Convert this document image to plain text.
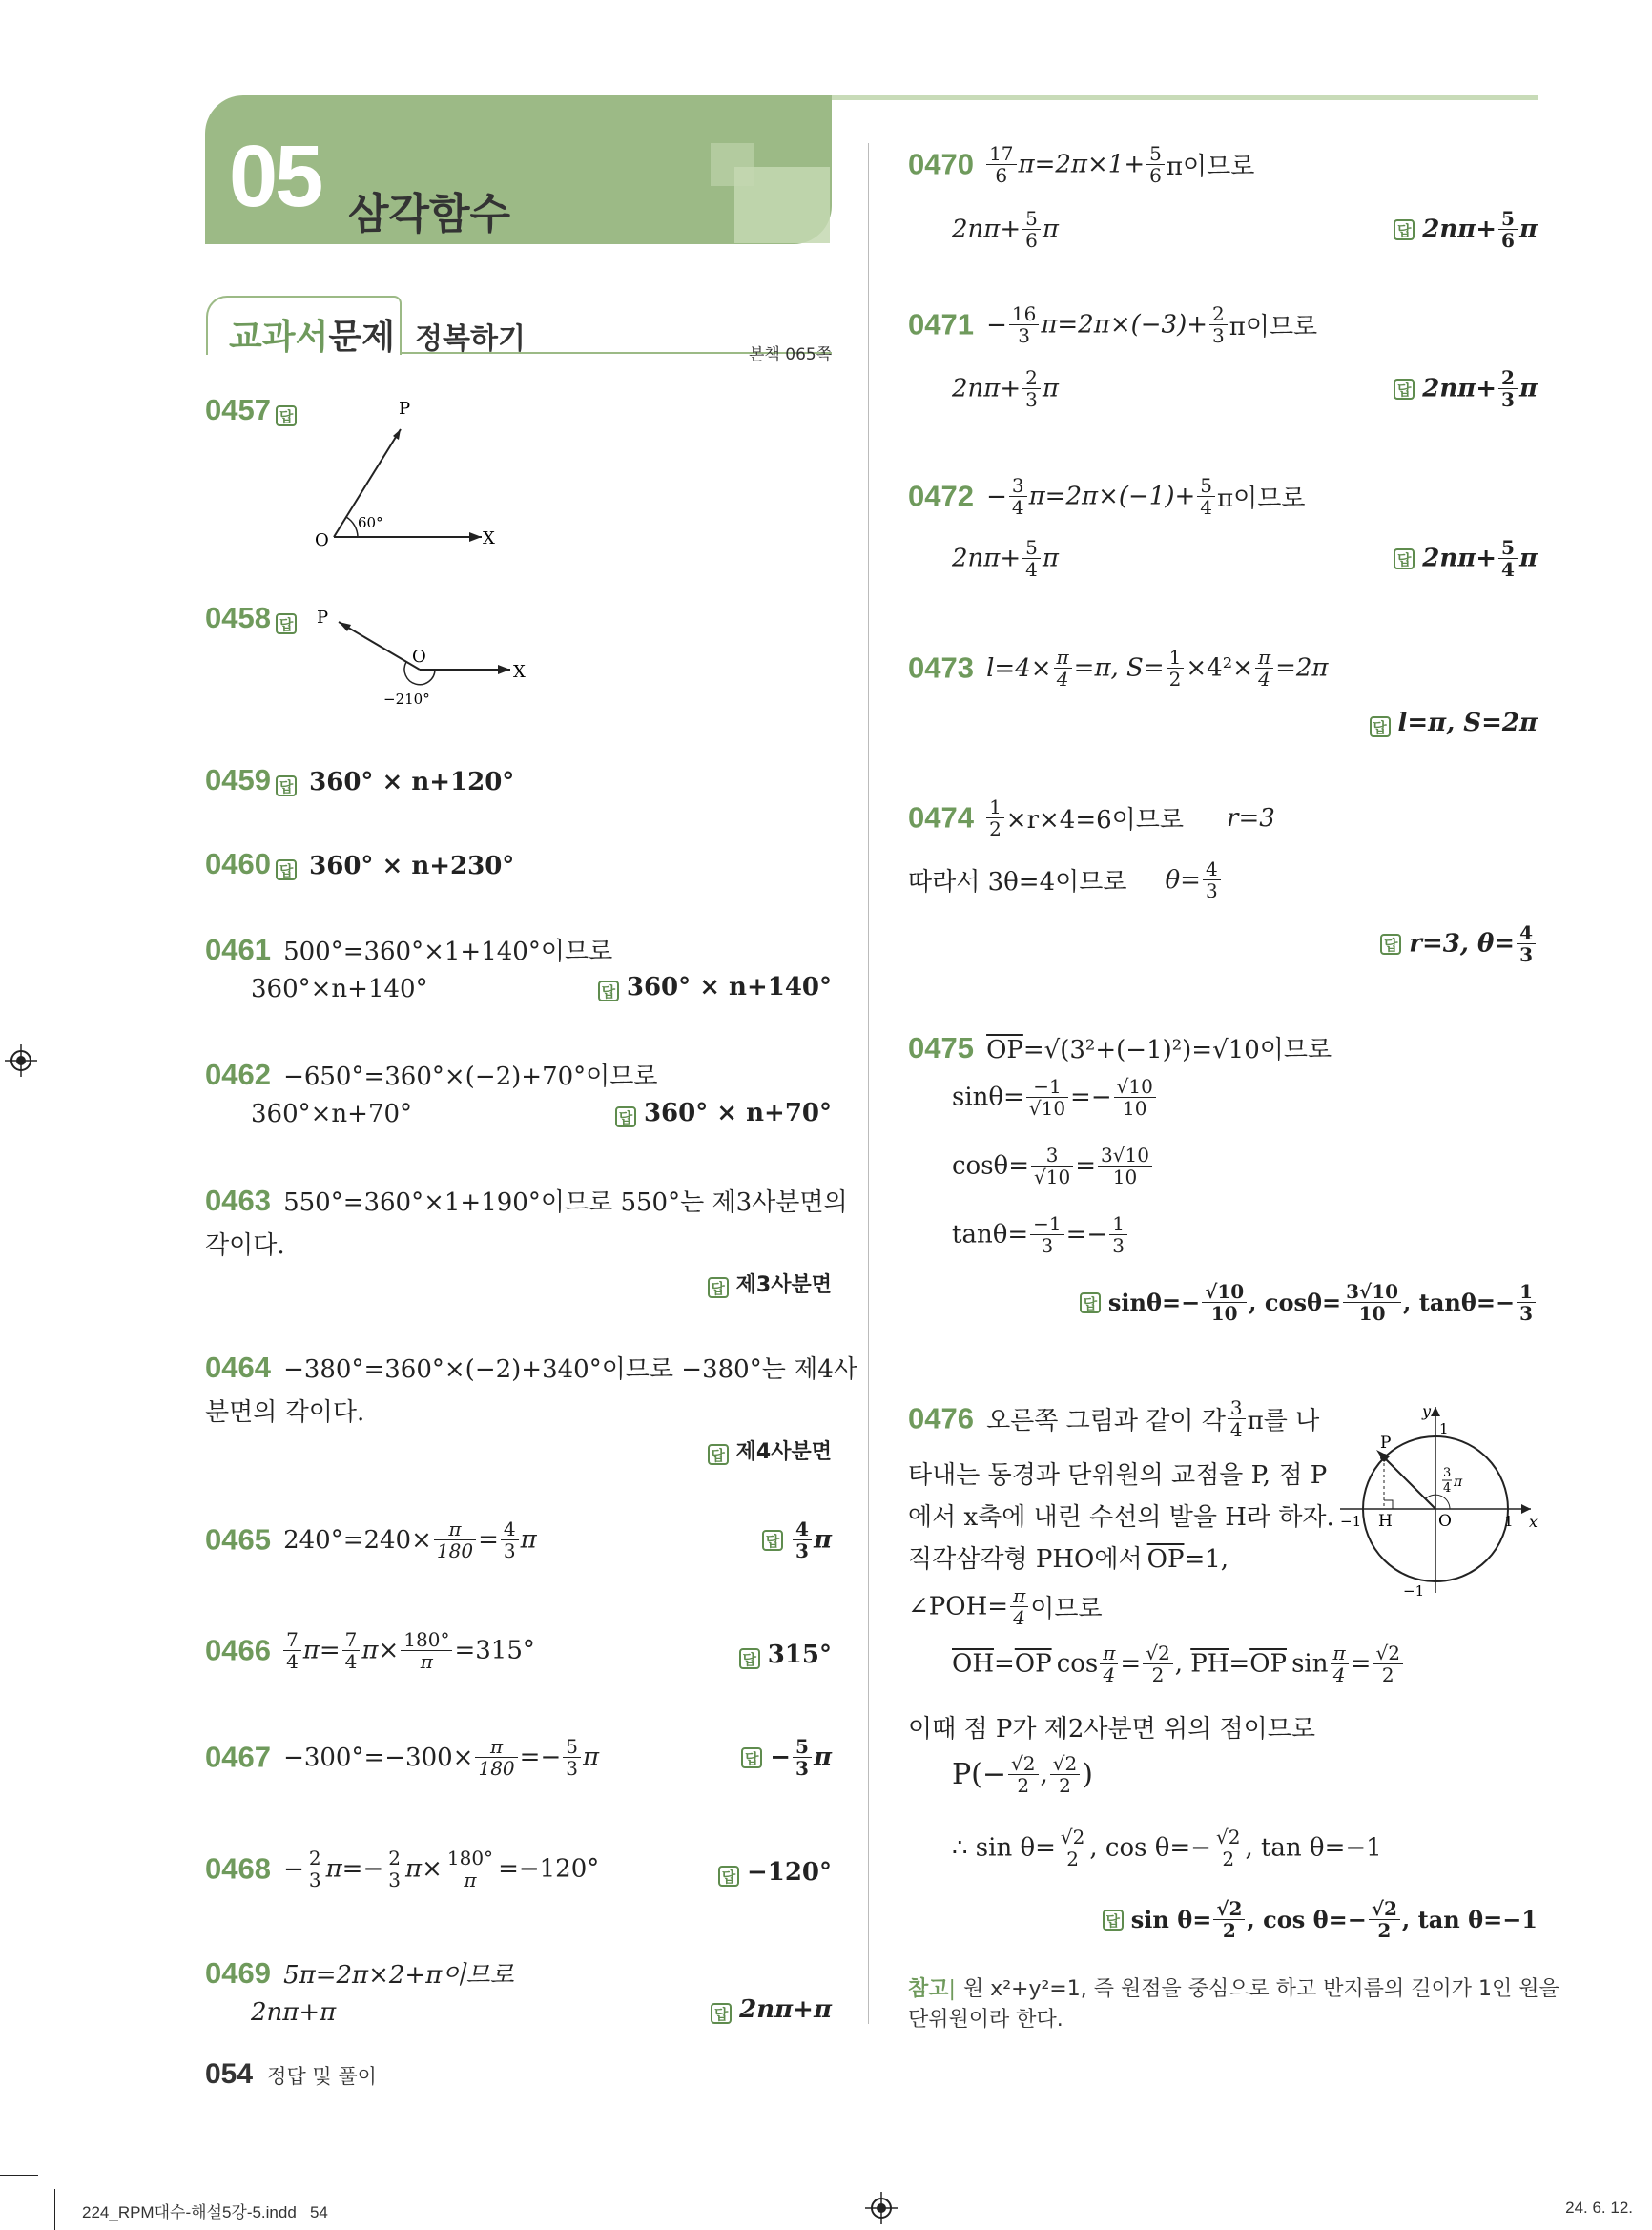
05 삼각함수
교과서문제 정복하기	본책 065쪽
0457 답	P
O	X
60°
0458 답	P
O
X
−210°
0459 답 360° × n+120°
0460 답 360° × n+230°
0461 500°=360°×1+140°이므로
360°×n+140°	답 360° × n+140°
0462 −650°=360°×(−2)+70°이므로
360°×n+70°	답 360° × n+70°
0463 550°=360°×1+190°이므로 550°는 제3사분면의
각이다.
답 제3사분면
0464 −380°=360°×(−2)+340°이므로 −380°는 제4사
분면의 각이다.
답 제4사분면
0465 $240^\circ=240\times \frac{\pi}{180} = \frac{4}{3}$ π	답 $\frac{4}{3}$ π
$0466 \frac{7}{4} \pi= \frac{7}{4} \pi\times \frac{180^\circ}{\pi} =315^\circ$	답 315°
$0467 -300^\circ=-300\times \frac{\pi}{180} =- \frac{5}{3}$ π	답 − $\frac{5}{3}$ π
$0468 - \frac{2}{3} \pi=- \frac{2}{3} \pi\times \frac{180^\circ}{\pi} =-120^\circ$	답 −120°
0469 5π=2π×2+π이므로
2nπ+π	답 2nπ+π
$0470 \frac{17}{6} \pi=2\pi\times 1+ \frac{5}{6}$ π이므로
$2n\pi+ \frac{5}{6}$ π	답 $2n\pi+ \frac{5}{6}$ π
$0471 - \frac{16}{3} \pi=2\pi\times(-3)+ \frac{2}{3}$ π이므로
$2n\pi+ \frac{2}{3}$ π	답 $2n\pi+ \frac{2}{3}$ π
$0472 - \frac{3}{4} \pi=2\pi\times(-1)+ \frac{5}{4}$ π이므로
$2n\pi+ \frac{5}{4}$ π	답 $2n\pi+ \frac{5}{4}$ π
0473 $l=4\times \frac{\pi}{4} =\pi$, $S= \frac{1}{2} \times 4^2\times \frac{\pi}{4} =2\pi$
답 l=π, S=2π
$0474 \frac{1}{2} \times r\times 4=6$이므로 r=3
따라서 3θ=4이므로 $\theta= \frac{4}{3}$
답 r=3, $\theta= \frac{4}{3}$
0475 $\overline{OP}=√(3^2+(-1)^2)=√10$이므로
$\sin\theta= \frac{-1}{√10} =- \frac{√10}{10}$
$\cos\theta= \frac{3}{√10} = \frac{3√10}{10}$
$\tan\theta= \frac{-1}{3} =- \frac{1}{3}$
답 $\sin\theta=- \frac{√10}{10}$ , $\cos\theta= \frac{3√10}{10}$ , $\tan\theta=- \frac{1}{3}$
0476 오른쪽 그림과 같이 각 $\frac{3}{4}$ π를 나
타내는 동경과 단위원의 교점을 P, 점 P
에서 x축에 내린 수선의 발을 H라 하자.
직각삼각형 PHO에서 $\overline{OP}=1$,
∠POH= $\frac{\pi}{4}$ 이므로
$\overline{OH}=\overline{OP}$ $\cos \frac{\pi}{4} = \frac{√2}{2}$ , $\overline{PH}=\overline{OP}$ $\sin \frac{\pi}{4} = \frac{√2}{2}$
이때 점 P가 제2사분면 위의 점이므로
$P(- \frac{√2}{2}$ , $\frac{√2}{2}$ )
∴ $\sin \theta= \frac{√2}{2}$ , $\cos \theta=- \frac{√2}{2}$ , tan θ=−1
답 $\sin \theta= \frac{√2}{2}$ , $\cos \theta=- \frac{√2}{2}$ , tan θ=−1
참고| 원 x²+y²=1, 즉 원점을 중심으로 하고 반지름의 길이가 1인 원을
단위원이라 한다.
y
x
1
P
3
4 π
−1 H	O	1
−1
054 정답 및 풀이
224_RPM대수-해설5강-5.indd   54	24. 6. 12.
